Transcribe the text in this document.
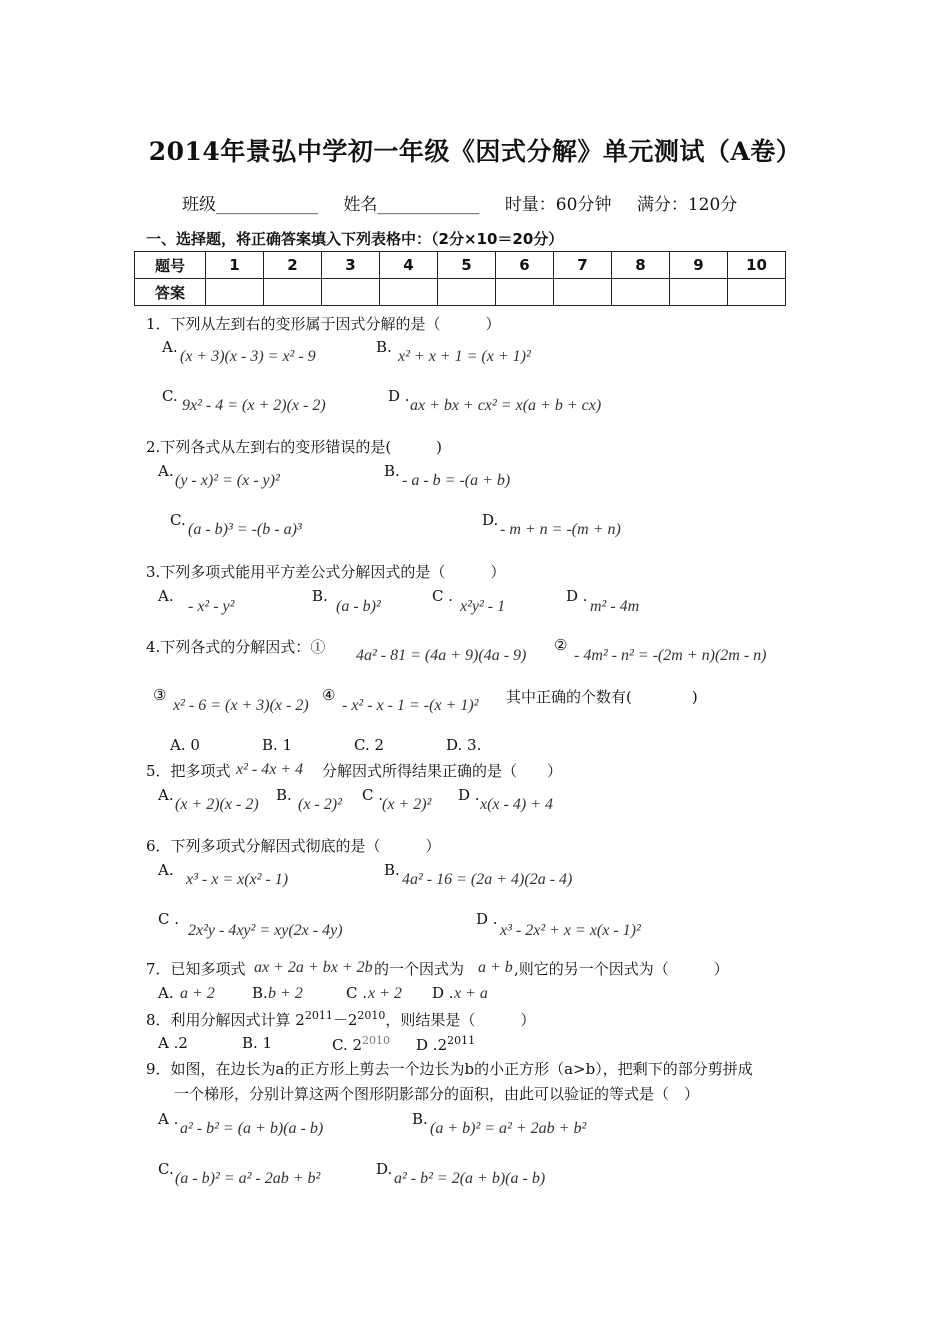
2014年景弘中学初一年级《因式分解》单元测试（A卷）
班级____________ 姓名____________ 时量：60分钟 满分：120分
一、选择题，将正确答案填入下列表格中：（2分×10＝20分）
题号	1	2	3	4	5	6	7	8	9	10
答案										
1．下列从左到右的变形属于因式分解的是（　　　）
A.
(x + 3)(x - 3) = x² - 9
B.
x² + x + 1 = (x + 1)²
C.
9x² - 4 = (x + 2)(x - 2)
D .
ax + bx + cx² = x(a + b + cx)
2.下列各式从左到右的变形错误的是(　　　)
A.
(y - x)² = (x - y)²
B.
- a - b = -(a + b)
C.
(a - b)³ = -(b - a)³
D.
- m + n = -(m + n)
3.下列多项式能用平方差公式分解因式的是（　　　）
A.
- x² - y²
B.
(a - b)²
C .
x²y² - 1
D .
m² - 4m
4.下列各式的分解因式：① 4a² - 81 = (4a + 9)(4a - 9)
②
- 4m² - n² = -(2m + n)(2m - n)
③
x² - 6 = (x + 3)(x - 2)
④
- x² - x - 1 = -(x + 1)² 其中正确的个数有(　　　　)
A. 0	B. 1	C. 2	D. 3.
5．把多项式 x² - 4x + 4 分解因式所得结果正确的是（　　）
A.
(x + 2)(x - 2)
B.
(x - 2)²
C .
(x + 2)²
D .
x(x - 4) + 4
6．下列多项式分解因式彻底的是（　　　）
A.
x³ - x = x(x² - 1)
B.
4a² - 16 = (2a + 4)(2a - 4)
C .
2x²y - 4xy² = xy(2x - 4y)
D .
x³ - 2x² + x = x(x - 1)²
7．已知多项式 ax + 2a + bx + 2b 的一个因式为 a + b ,则它的另一个因式为（　　　）
A. a + 2 B. b + 2	C . x + 2 D . x + a
8．利用分解因式计算 $2^{2011}-2^{2010}$，则结果是（　　　）
A .2	B. 1	C. $2^{2010}$ D $.2^{2011}$
9．如图，在边长为a的正方形上剪去一个边长为b的小正方形（a>b），把剩下的部分剪拼成
一个梯形，分别计算这两个图形阴影部分的面积，由此可以验证的等式是（　）
A .
a² - b² = (a + b)(a - b)
B.
(a + b)² = a² + 2ab + b²
C.
(a - b)² = a² - 2ab + b²
D.
a² - b² = 2(a + b)(a - b)
